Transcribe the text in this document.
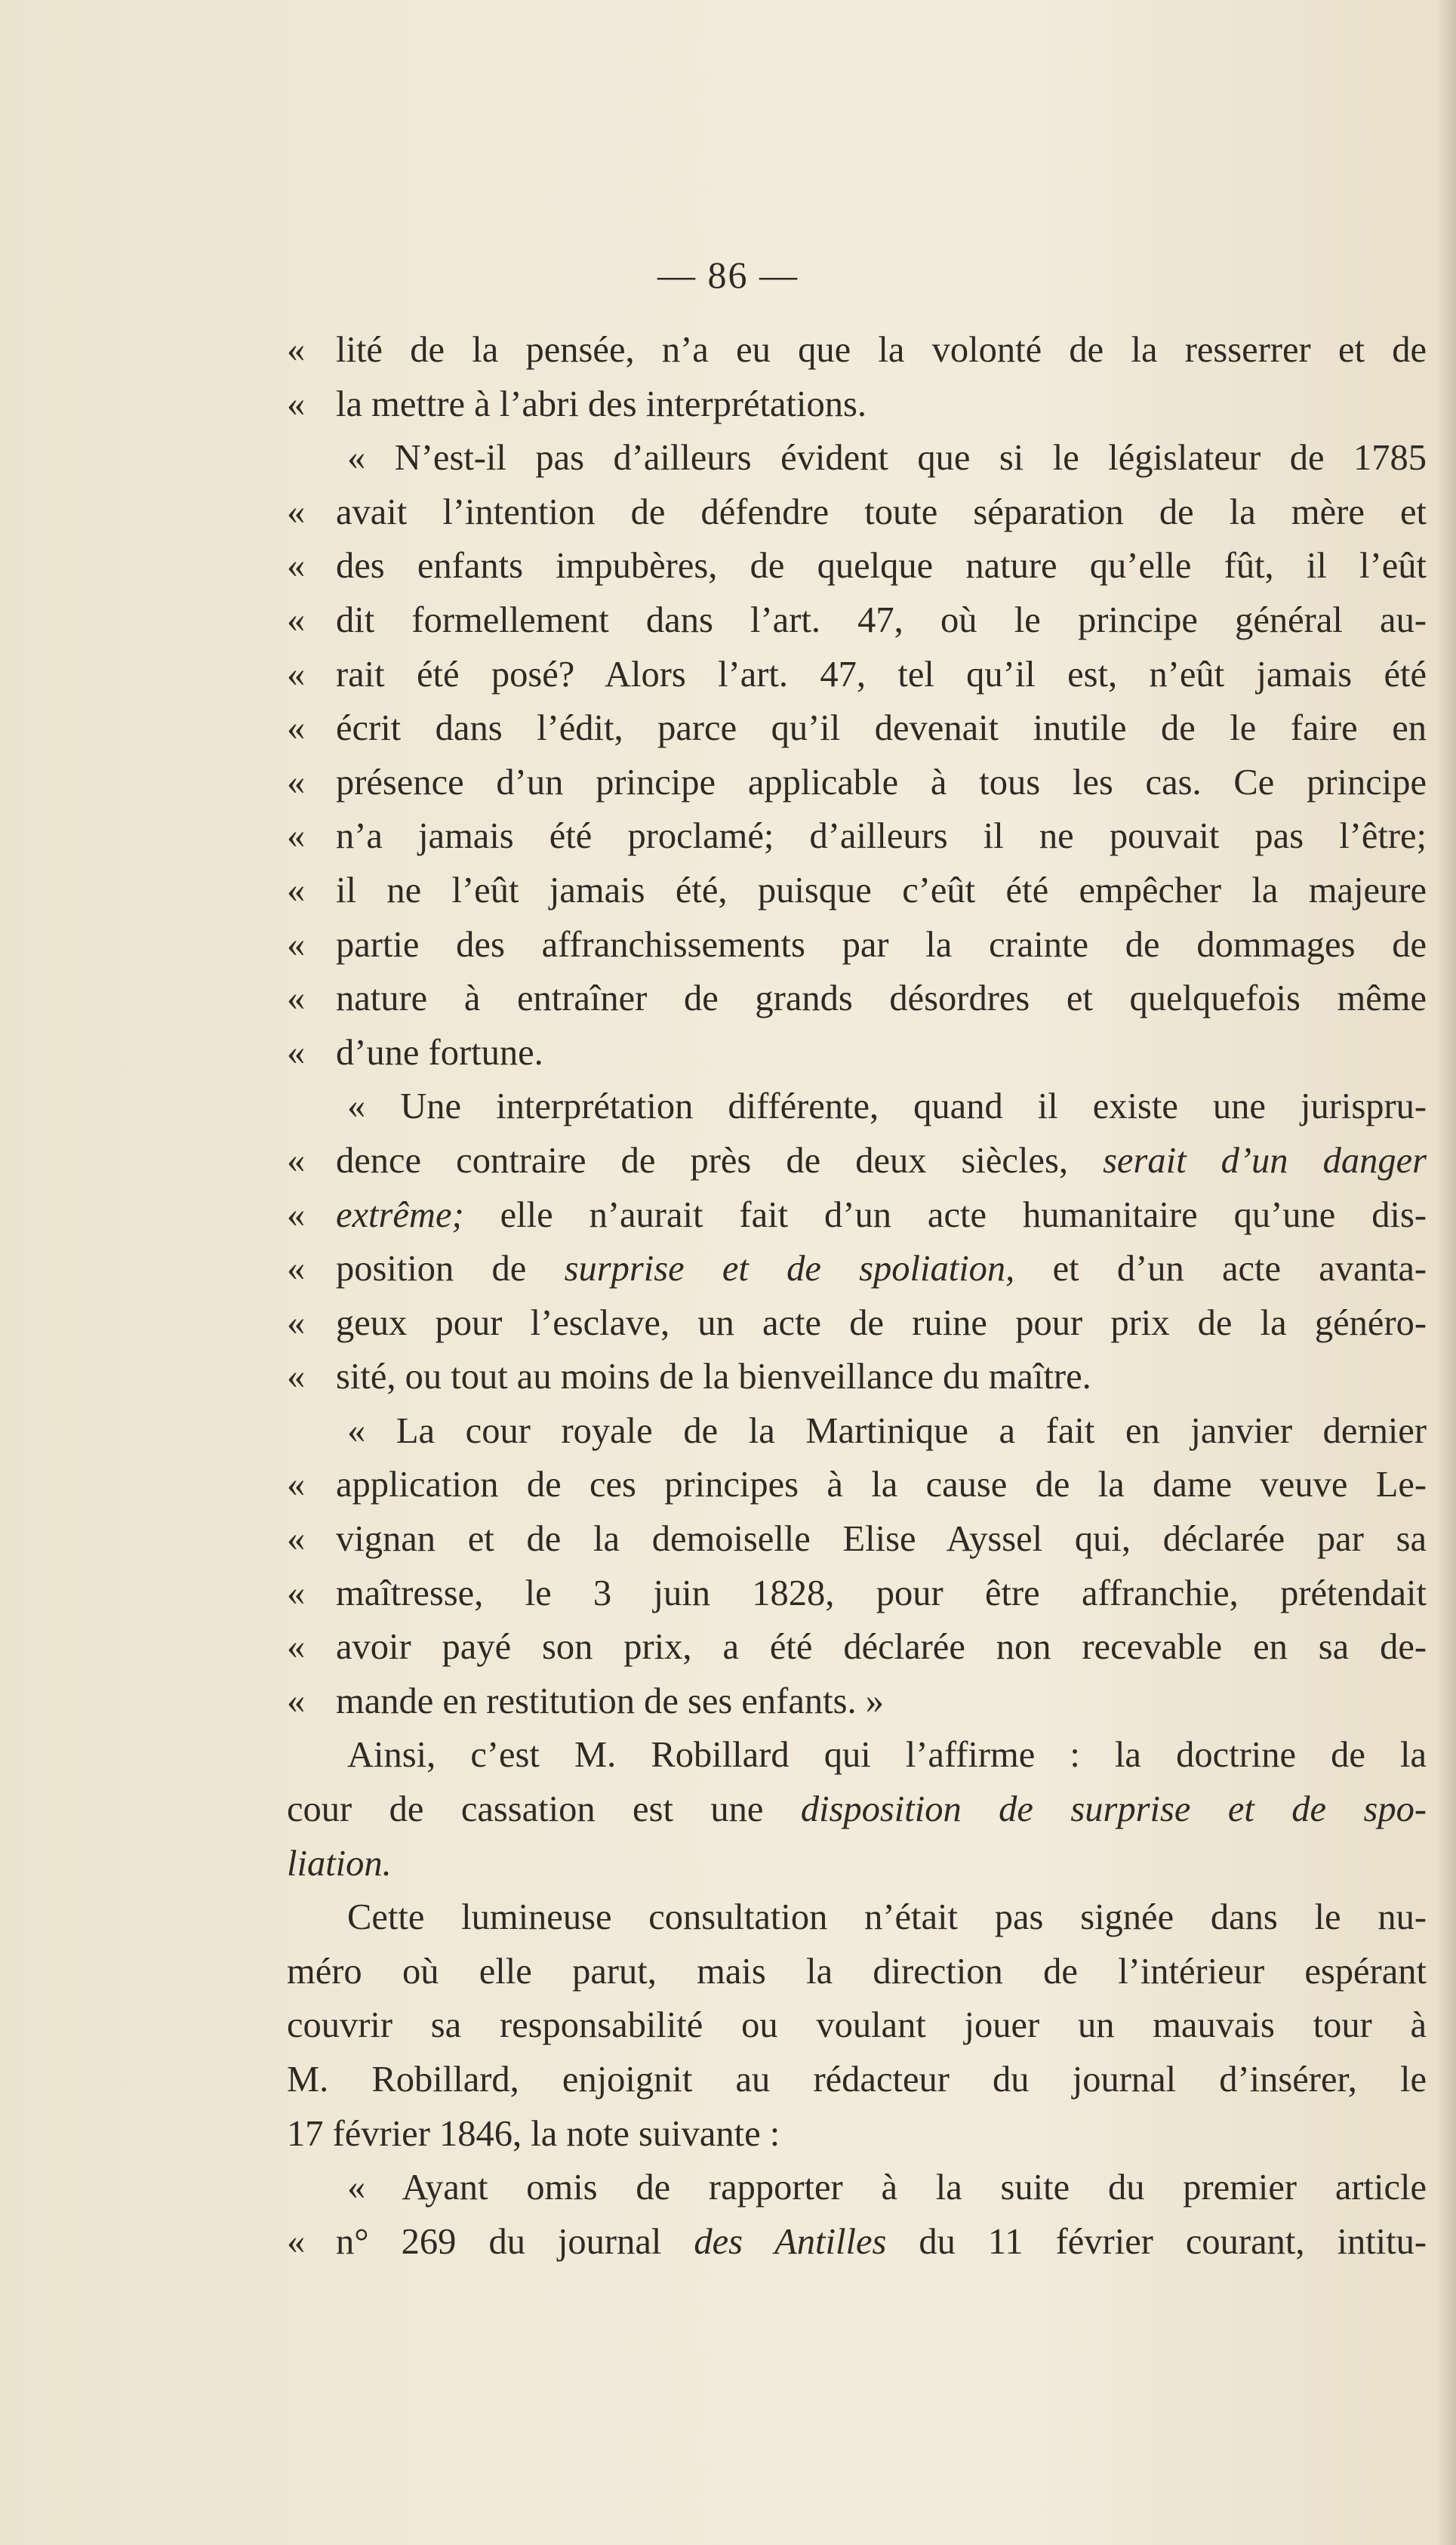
— 86 —
« lité de la pensée, n’a eu que la volonté de la resserrer et de
« la mettre à l’abri des interprétations.
« N’est-il pas d’ailleurs évident que si le législateur de 1785
« avait l’intention de défendre toute séparation de la mère et
« des enfants impubères, de quelque nature qu’elle fût, il l’eût
« dit formellement dans l’art. 47, où le principe général au-
« rait été posé? Alors l’art. 47, tel qu’il est, n’eût jamais été
« écrit dans l’édit, parce qu’il devenait inutile de le faire en
« présence d’un principe applicable à tous les cas. Ce principe
« n’a jamais été proclamé; d’ailleurs il ne pouvait pas l’être;
« il ne l’eût jamais été, puisque c’eût été empêcher la majeure
« partie des affranchissements par la crainte de dommages de
« nature à entraîner de grands désordres et quelquefois même
« d’une fortune.
« Une interprétation différente, quand il existe une jurispru-
« dence contraire de près de deux siècles, serait d’un danger
« extrême; elle n’aurait fait d’un acte humanitaire qu’une dis-
« position de surprise et de spoliation, et d’un acte avanta-
« geux pour l’esclave, un acte de ruine pour prix de la généro-
« sité, ou tout au moins de la bienveillance du maître.
« La cour royale de la Martinique a fait en janvier dernier
« application de ces principes à la cause de la dame veuve Le-
« vignan et de la demoiselle Elise Ayssel qui, déclarée par sa
« maîtresse, le 3 juin 1828, pour être affranchie, prétendait
« avoir payé son prix, a été déclarée non recevable en sa de-
« mande en restitution de ses enfants. »
Ainsi, c’est M. Robillard qui l’affirme : la doctrine de la
cour de cassation est une disposition de surprise et de spo-
liation.
Cette lumineuse consultation n’était pas signée dans le nu-
méro où elle parut, mais la direction de l’intérieur espérant
couvrir sa responsabilité ou voulant jouer un mauvais tour à
M. Robillard, enjoignit au rédacteur du journal d’insérer, le
17 février 1846, la note suivante :
« Ayant omis de rapporter à la suite du premier article
« n° 269 du journal des Antilles du 11 février courant, intitu-
